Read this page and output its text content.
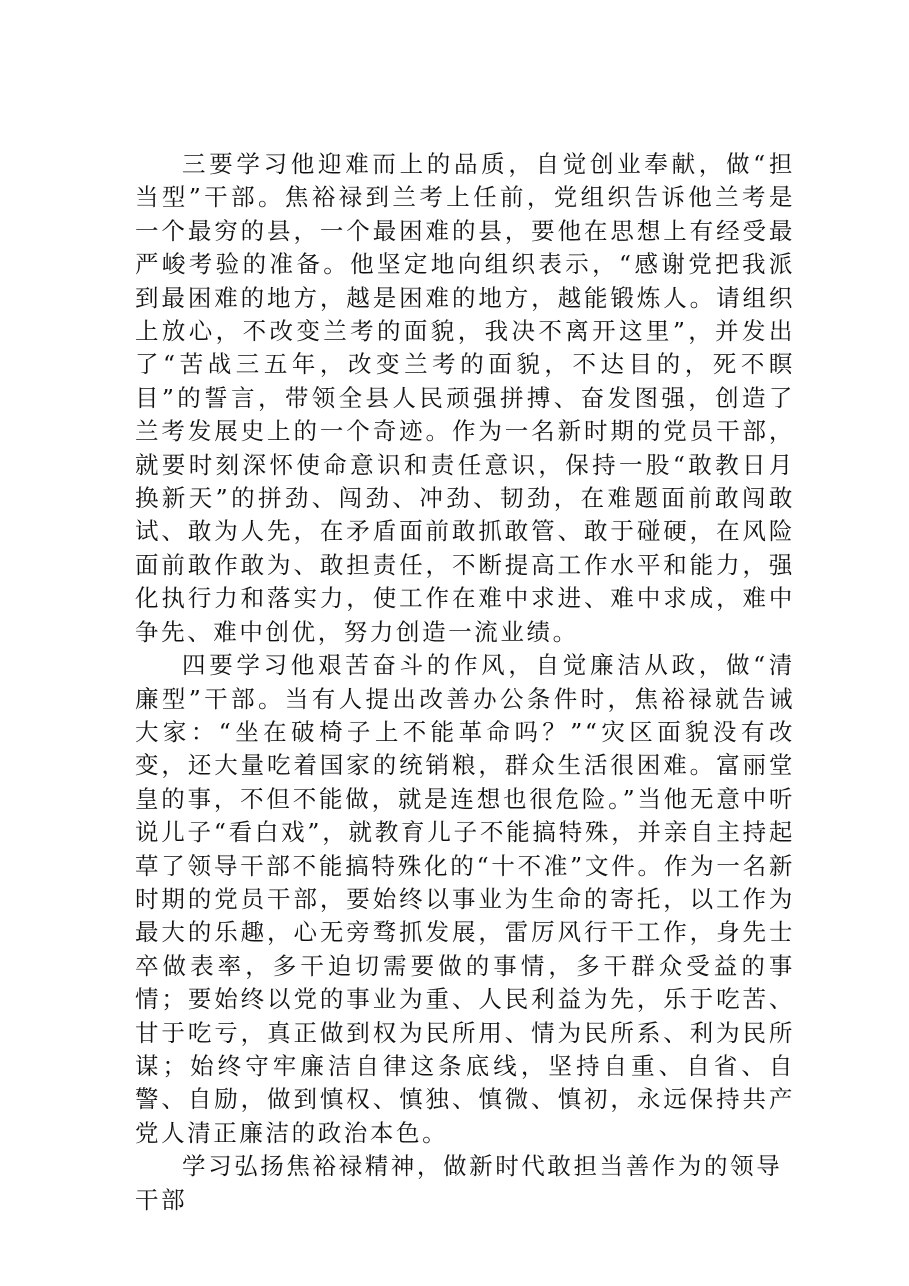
三要学习他迎难而上的品质，自觉创业奉献，做“担当型”干部。焦裕禄到兰考上任前，党组织告诉他兰考是一个最穷的县，一个最困难的县，要他在思想上有经受最严峻考验的准备。他坚定地向组织表示，“感谢党把我派到最困难的地方，越是困难的地方，越能锻炼人。请组织上放心，不改变兰考的面貌，我决不离开这里”，并发出了“苦战三五年，改变兰考的面貌，不达目的，死不瞑目”的誓言，带领全县人民顽强拼搏、奋发图强，创造了兰考发展史上的一个奇迹。作为一名新时期的党员干部，就要时刻深怀使命意识和责任意识，保持一股“敢教日月换新天”的拼劲、闯劲、冲劲、韧劲，在难题面前敢闯敢试、敢为人先，在矛盾面前敢抓敢管、敢于碰硬，在风险面前敢作敢为、敢担责任，不断提高工作水平和能力，强化执行力和落实力，使工作在难中求进、难中求成，难中争先、难中创优，努力创造一流业绩。

四要学习他艰苦奋斗的作风，自觉廉洁从政，做“清廉型”干部。当有人提出改善办公条件时，焦裕禄就告诫大家：“坐在破椅子上不能革命吗？”“灾区面貌没有改变，还大量吃着国家的统销粮，群众生活很困难。富丽堂皇的事，不但不能做，就是连想也很危险。”当他无意中听说儿子“看白戏”，就教育儿子不能搞特殊，并亲自主持起草了领导干部不能搞特殊化的“十不准”文件。作为一名新时期的党员干部，要始终以事业为生命的寄托，以工作为最大的乐趣，心无旁骛抓发展，雷厉风行干工作，身先士卒做表率，多干迫切需要做的事情，多干群众受益的事情；要始终以党的事业为重、人民利益为先，乐于吃苦、甘于吃亏，真正做到权为民所用、情为民所系、利为民所谋；始终守牢廉洁自律这条底线，坚持自重、自省、自警、自励，做到慎权、慎独、慎微、慎初，永远保持共产党人清正廉洁的政治本色。

学习弘扬焦裕禄精神，做新时代敢担当善作为的领导干部
